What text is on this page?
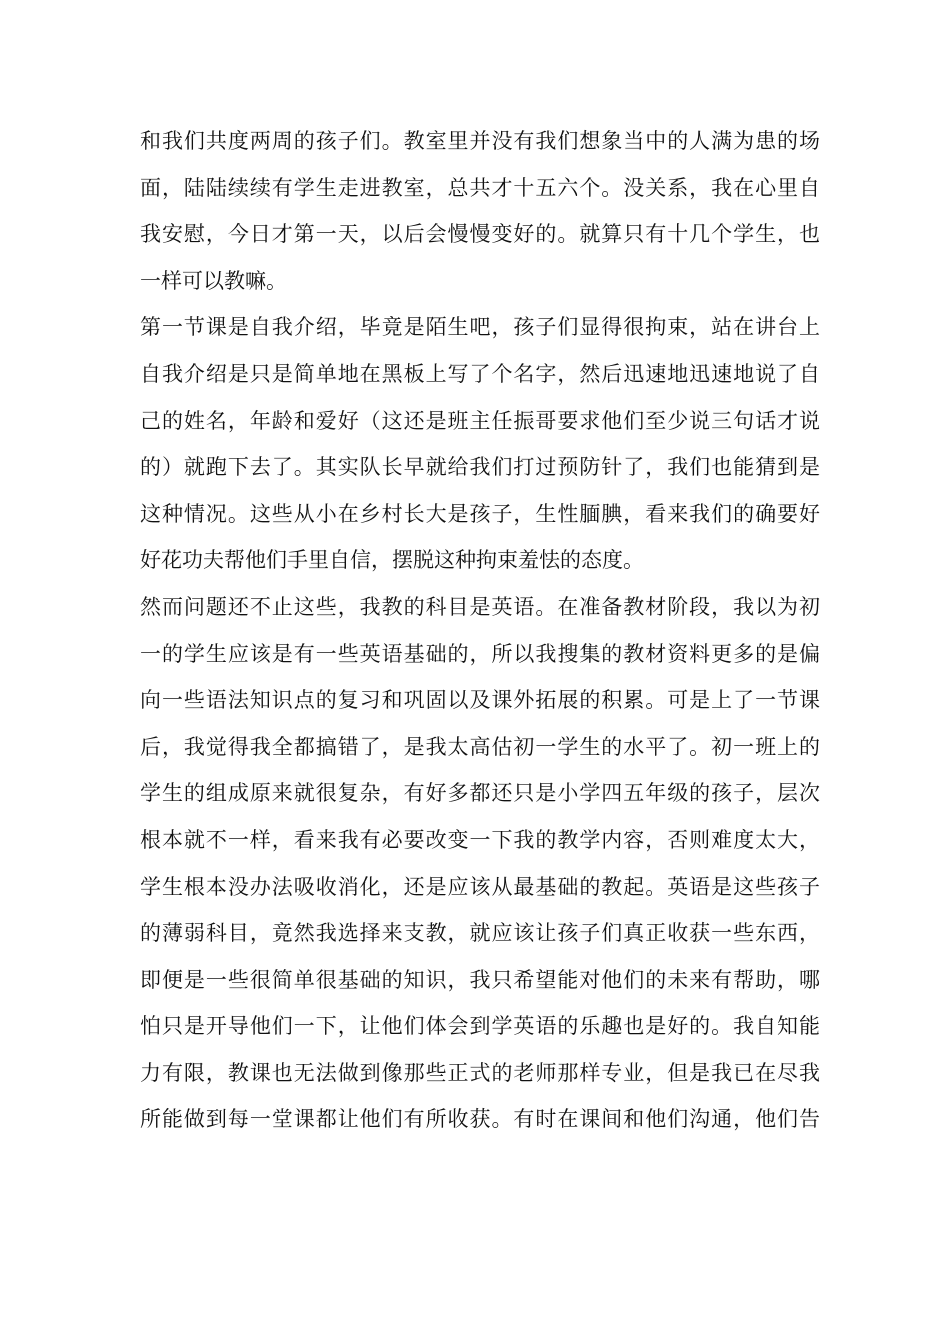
和我们共度两周的孩子们。教室里并没有我们想象当中的人满为患的场
面，陆陆续续有学生走进教室，总共才十五六个。没关系，我在心里自
我安慰，今日才第一天，以后会慢慢变好的。就算只有十几个学生，也
一样可以教嘛。
第一节课是自我介绍，毕竟是陌生吧，孩子们显得很拘束，站在讲台上
自我介绍是只是简单地在黑板上写了个名字，然后迅速地迅速地说了自
己的姓名，年龄和爱好（这还是班主任振哥要求他们至少说三句话才说
的）就跑下去了。其实队长早就给我们打过预防针了，我们也能猜到是
这种情况。这些从小在乡村长大是孩子，生性腼腆，看来我们的确要好
好花功夫帮他们手里自信，摆脱这种拘束羞怯的态度。
然而问题还不止这些，我教的科目是英语。在准备教材阶段，我以为初
一的学生应该是有一些英语基础的，所以我搜集的教材资料更多的是偏
向一些语法知识点的复习和巩固以及课外拓展的积累。可是上了一节课
后，我觉得我全都搞错了，是我太高估初一学生的水平了。初一班上的
学生的组成原来就很复杂，有好多都还只是小学四五年级的孩子，层次
根本就不一样，看来我有必要改变一下我的教学内容，否则难度太大，
学生根本没办法吸收消化，还是应该从最基础的教起。英语是这些孩子
的薄弱科目，竟然我选择来支教，就应该让孩子们真正收获一些东西，
即便是一些很简单很基础的知识，我只希望能对他们的未来有帮助，哪
怕只是开导他们一下，让他们体会到学英语的乐趣也是好的。我自知能
力有限，教课也无法做到像那些正式的老师那样专业，但是我已在尽我
所能做到每一堂课都让他们有所收获。有时在课间和他们沟通，他们告
